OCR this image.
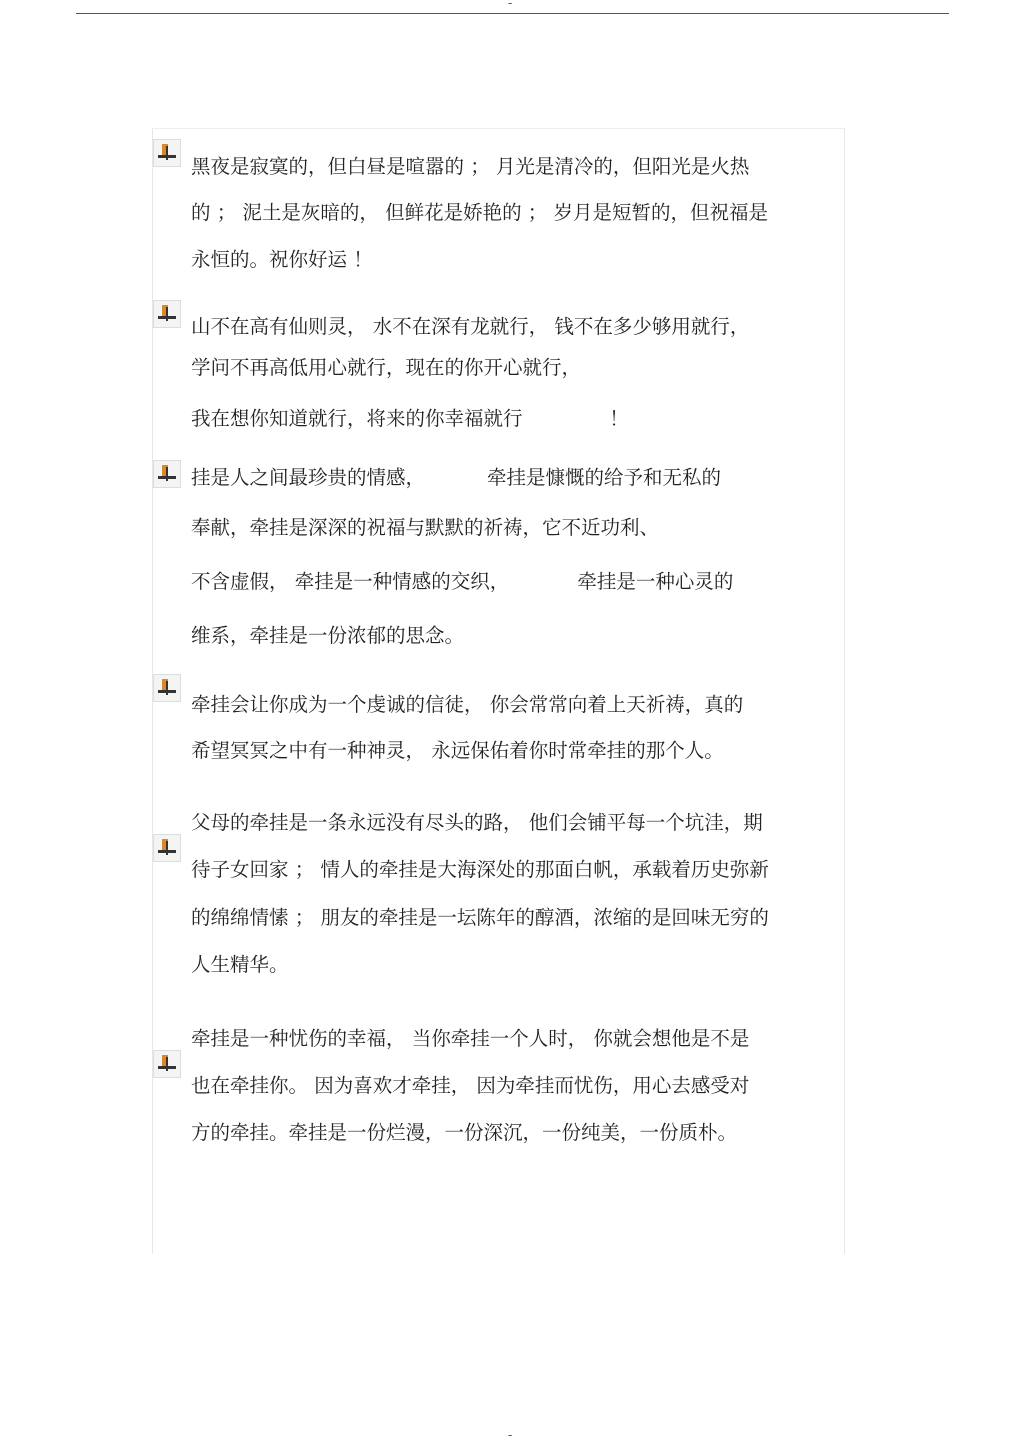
-
黑夜是寂寞的，但白昼是喧嚣的 ； 月光是清冷的，但阳光是火热
的 ； 泥土是灰暗的， 但鲜花是娇艳的 ； 岁月是短暂的，但祝福是
永恒的。祝你好运 ！
山不在高有仙则灵， 水不在深有龙就行， 钱不在多少够用就行，
学问不再高低用心就行，现在的你开心就行，
我在想你知道就行，将来的你幸福就行              ！
挂是人之间最珍贵的情感，          牵挂是慷慨的给予和无私的
奉献，牵挂是深深的祝福与默默的祈祷，它不近功利、
不含虚假， 牵挂是一种情感的交织，           牵挂是一种心灵的
维系，牵挂是一份浓郁的思念。
牵挂会让你成为一个虔诚的信徒， 你会常常向着上天祈祷，真的
希望冥冥之中有一种神灵， 永远保佑着你时常牵挂的那个人。
父母的牵挂是一条永远没有尽头的路， 他们会铺平每一个坑洼，期
待子女回家 ； 情人的牵挂是大海深处的那面白帆，承载着历史弥新
的绵绵情愫 ； 朋友的牵挂是一坛陈年的醇酒，浓缩的是回味无穷的
人生精华。
牵挂是一种忧伤的幸福， 当你牵挂一个人时， 你就会想他是不是
也在牵挂你。 因为喜欢才牵挂， 因为牵挂而忧伤，用心去感受对
方的牵挂。牵挂是一份烂漫，一份深沉，一份纯美，一份质朴。
-
